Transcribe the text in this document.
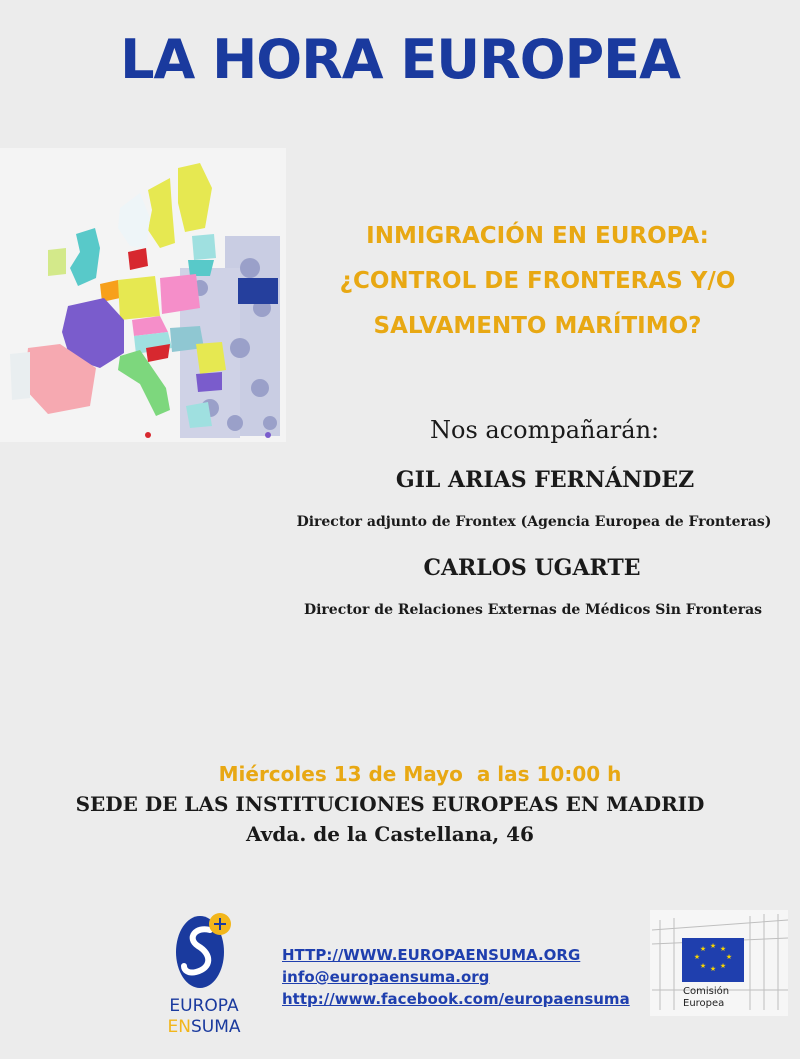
LA HORA EUROPEA
INMIGRACIÓN EN EUROPA:
¿CONTROL DE FRONTERAS Y/O
SALVAMENTO MARÍTIMO?
Nos acompañarán:
GIL ARIAS FERNÁNDEZ
Director adjunto de Frontex (Agencia Europea de Fronteras)
CARLOS UGARTE
Director de Relaciones Externas de Médicos Sin Fronteras
Miércoles 13 de Mayo  a las 10:00 h
SEDE DE LAS INSTITUCIONES EUROPEAS EN MADRID
Avda. de la Castellana, 46
EUROPA
ENSUMA
HTTP://WWW.EUROPAENSUMA.ORG
info@europaensuma.org
http://www.facebook.com/europaensuma
★ ★
★
★
★
★
★
★
Comisión
Europea
